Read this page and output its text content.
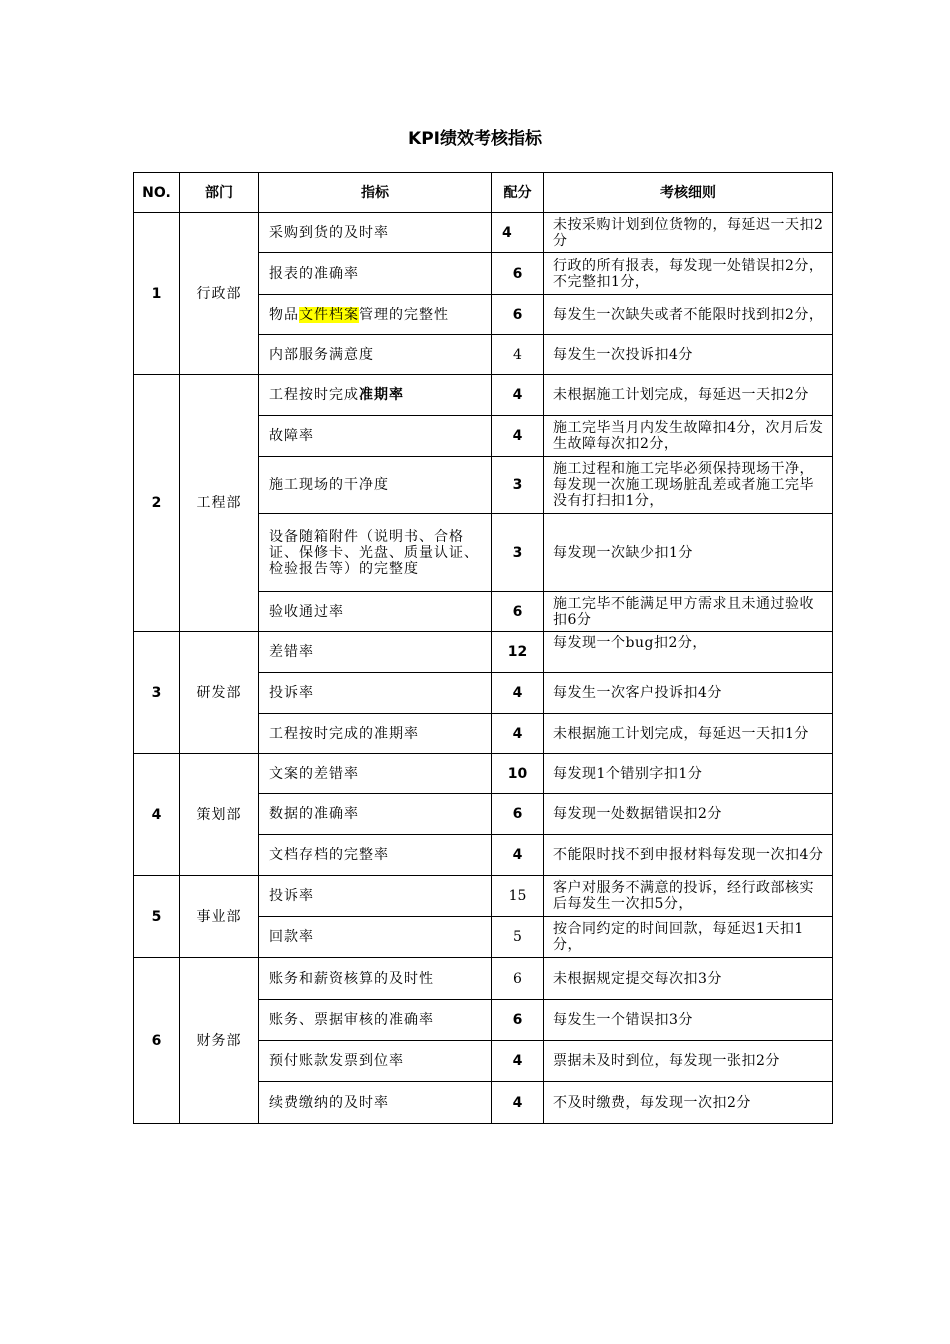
KPI绩效考核指标
NO.	部门	指标	配分	考核细则
1	行政部	采购到货的及时率	4	未按采购计划到位货物的，每延迟一天扣2分
		报表的准确率	6	行政的所有报表，每发现一处错误扣2分，不完整扣1分，
		物品文件档案管理的完整性	6	每发生一次缺失或者不能限时找到扣2分，
		内部服务满意度	4	每发生一次投诉扣4分
2	工程部	工程按时完成准期率	4	未根据施工计划完成，每延迟一天扣2分
		故障率	4	施工完毕当月内发生故障扣4分，次月后发生故障每次扣2分，
		施工现场的干净度	3	施工过程和施工完毕必须保持现场干净，每发现一次施工现场脏乱差或者施工完毕没有打扫扣1分，
		设备随箱附件（说明书、合格证、保修卡、光盘、质量认证、检验报告等）的完整度	3	每发现一次缺少扣1分
		验收通过率	6	施工完毕不能满足甲方需求且未通过验收扣6分
3	研发部	差错率	12	每发现一个bug扣2分，
		投诉率	4	每发生一次客户投诉扣4分
		工程按时完成的准期率	4	未根据施工计划完成，每延迟一天扣1分
4	策划部	文案的差错率	10	每发现1个错别字扣1分
		数据的准确率	6	每发现一处数据错误扣2分
		文档存档的完整率	4	不能限时找不到申报材料每发现一次扣4分
5	事业部	投诉率	15	客户对服务不满意的投诉，经行政部核实后每发生一次扣5分，
		回款率	5	按合同约定的时间回款，每延迟1天扣1分，
6	财务部	账务和薪资核算的及时性	6	未根据规定提交每次扣3分
		账务、票据审核的准确率	6	每发生一个错误扣3分
		预付账款发票到位率	4	票据未及时到位，每发现一张扣2分
		续费缴纳的及时率	4	不及时缴费，每发现一次扣2分
